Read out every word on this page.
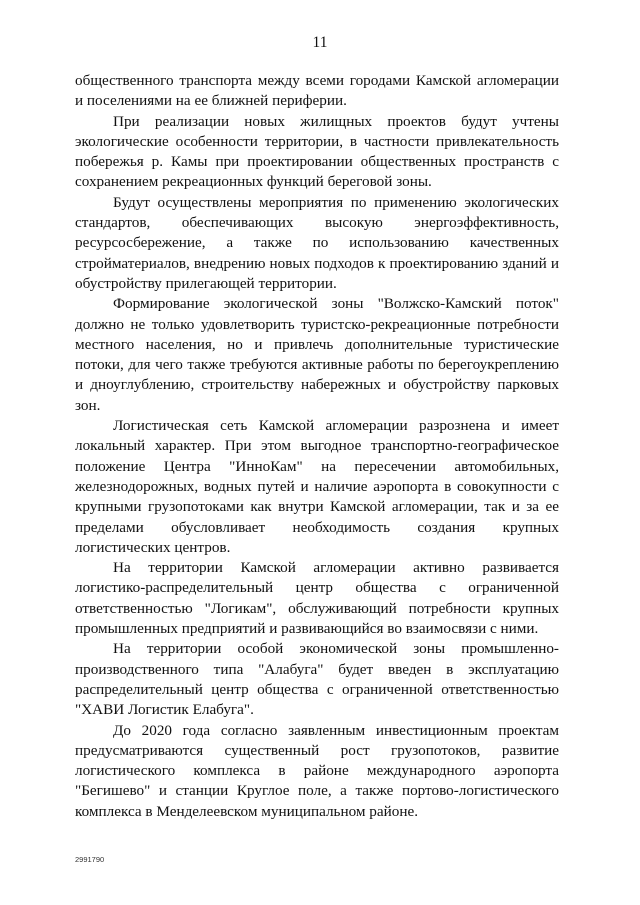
11

общественного транспорта между всеми городами Камской агломерации и поселениями на ее ближней периферии.

При реализации новых жилищных проектов будут учтены экологические особенности территории, в частности привлекательность побережья р. Камы при проектировании общественных пространств с сохранением рекреационных функций береговой зоны.

Будут осуществлены мероприятия по применению экологических стандартов, обеспечивающих высокую энергоэффективность, ресурсосбережение, а также по использованию качественных стройматериалов, внедрению новых подходов к проектированию зданий и обустройству прилегающей территории.

Формирование экологической зоны "Волжско-Камский поток" должно не только удовлетворить туристско-рекреационные потребности местного населения, но и привлечь дополнительные туристические потоки, для чего также требуются активные работы по берегоукреплению и дноуглублению, строительству набережных и обустройству парковых зон.

Логистическая сеть Камской агломерации разрознена и имеет локальный характер. При этом выгодное транспортно-географическое положение Центра "ИнноКам" на пересечении автомобильных, железнодорожных, водных путей и наличие аэропорта в совокупности с крупными грузопотоками как внутри Камской агломерации, так и за ее пределами обусловливает необходимость создания крупных логистических центров.

На территории Камской агломерации активно развивается логистико-распределительный центр общества с ограниченной ответственностью "Логикам", обслуживающий потребности крупных промышленных предприятий и развивающийся во взаимосвязи с ними.

На территории особой экономической зоны промышленно-производственного типа "Алабуга" будет введен в эксплуатацию распределительный центр общества с ограниченной ответственностью "ХАВИ Логистик Елабуга".

До 2020 года согласно заявленным инвестиционным проектам предусматриваются существенный рост грузопотоков, развитие логистического комплекса в районе международного аэропорта "Бегишево" и станции Круглое поле, а также портово-логистического комплекса в Менделеевском муниципальном районе.

2991790
